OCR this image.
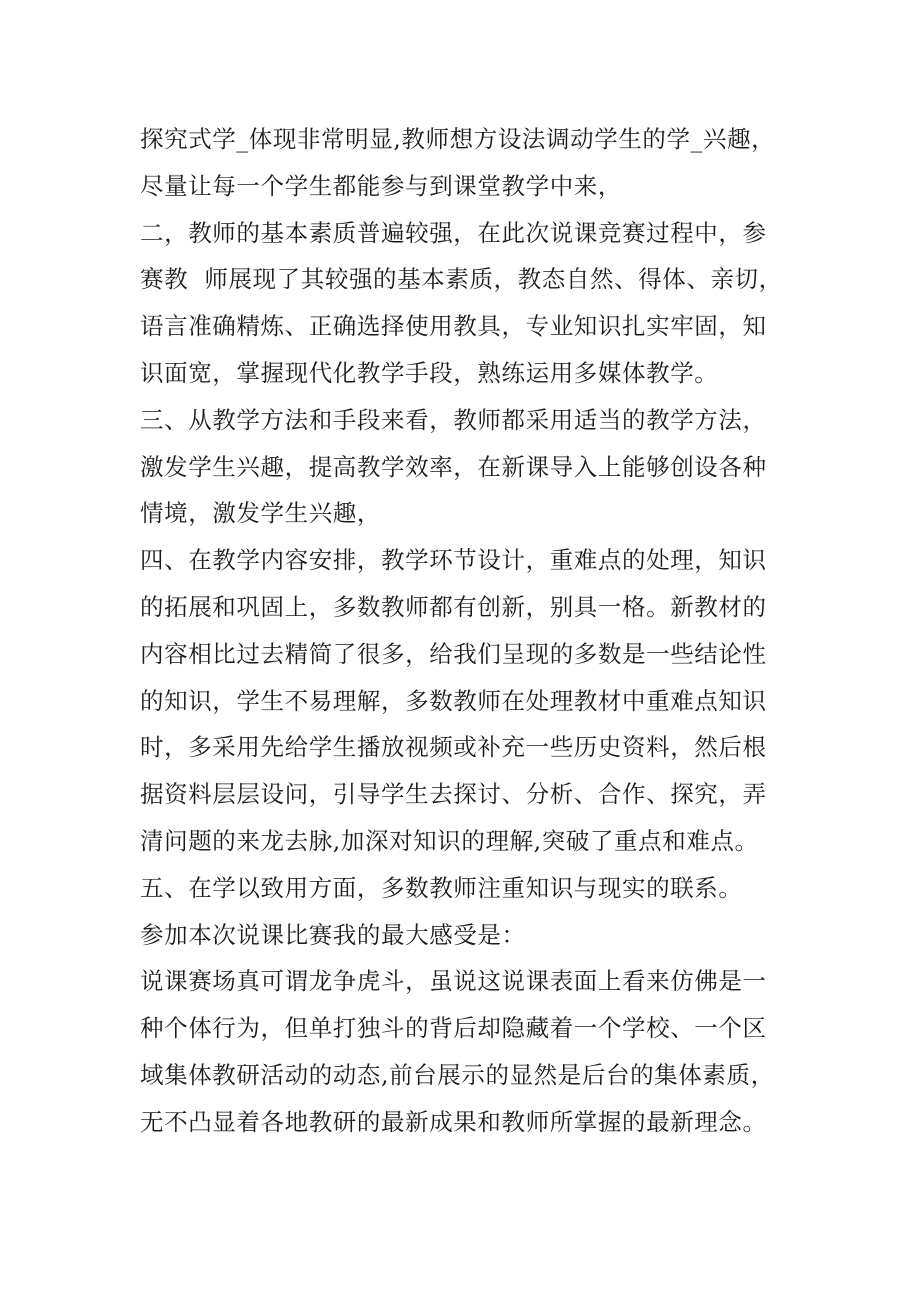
探究式学_体现非常明显,教师想方设法调动学生的学_兴趣，
尽量让每一个学生都能参与到课堂教学中来，
二，教师的基本素质普遍较强，在此次说课竞赛过程中，参
赛教  师展现了其较强的基本素质，教态自然、得体、亲切，
语言准确精炼、正确选择使用教具，专业知识扎实牢固，知
识面宽，掌握现代化教学手段，熟练运用多媒体教学。
三、从教学方法和手段来看，教师都采用适当的教学方法，
激发学生兴趣，提高教学效率，在新课导入上能够创设各种
情境，激发学生兴趣，
四、在教学内容安排，教学环节设计，重难点的处理，知识
的拓展和巩固上，多数教师都有创新，别具一格。新教材的
内容相比过去精简了很多，给我们呈现的多数是一些结论性
的知识，学生不易理解，多数教师在处理教材中重难点知识
时，多采用先给学生播放视频或补充一些历史资料，然后根
据资料层层设问，引导学生去探讨、分析、合作、探究，弄
清问题的来龙去脉,加深对知识的理解,突破了重点和难点。
五、在学以致用方面，多数教师注重知识与现实的联系。
参加本次说课比赛我的最大感受是：
说课赛场真可谓龙争虎斗，虽说这说课表面上看来仿佛是一
种个体行为，但单打独斗的背后却隐藏着一个学校、一个区
域集体教研活动的动态,前台展示的显然是后台的集体素质，
无不凸显着各地教研的最新成果和教师所掌握的最新理念。
